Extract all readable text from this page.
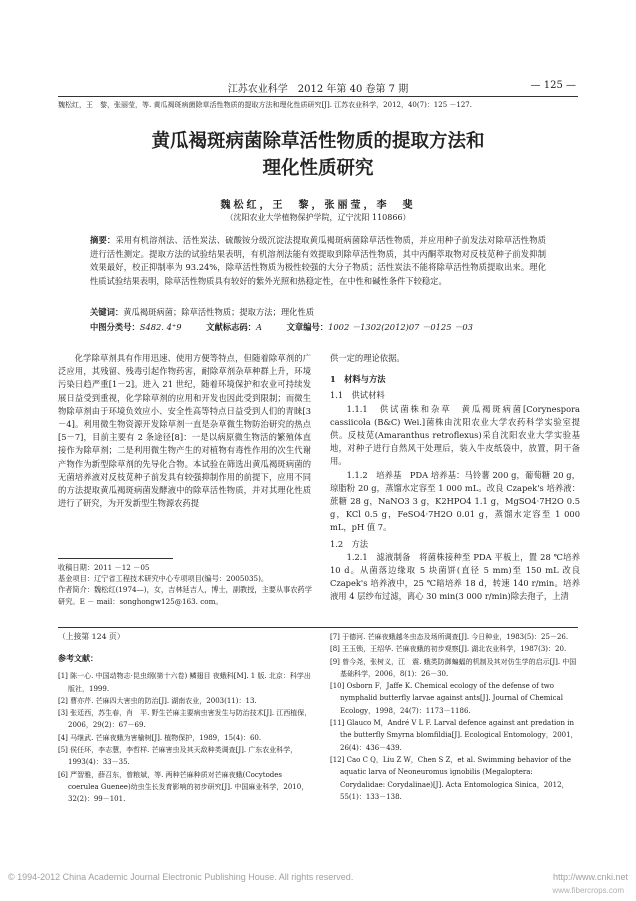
江苏农业科学　2012 年第 40 卷第 7 期	— 125 —
魏松红，王　黎，张丽莹，等. 黄瓜褐斑病菌除草活性物质的提取方法和理化性质研究[J]. 江苏农业科学，2012，40(7)：125 －127.
黄瓜褐斑病菌除草活性物质的提取方法和
理化性质研究
魏松红，王　黎，张丽莹，李　斐
（沈阳农业大学植物保护学院，辽宁沈阳 110866）
摘要：采用有机溶剂法、活性炭法、硫酸铵分级沉淀法提取黄瓜褐斑病菌除草活性物质，并应用种子前发法对除草活性物质进行活性测定。提取方法的试验结果表明，有机溶剂法能有效提取到除草活性物质，其中丙酮萃取物对反枝苋种子前发抑制效果最好，校正抑制率为 93.24%，除草活性物质为极性较强的大分子物质；活性炭法不能将除草活性物质提取出来。理化性质试验结果表明，除草活性物质具有较好的紫外光照和热稳定性，在中性和碱性条件下较稳定。
关键词：黄瓜褐斑病菌；除草活性物质；提取方法；理化性质
中图分类号：S482. 4⁺9	文献标志码：A	文章编号：1002 －1302(2012)07 －0125 －03

化学除草剂具有作用迅速、使用方便等特点，但随着除草剂的广泛应用，其残留、残毒引起作物药害，耐除草剂杂草种群上升，环境污染日趋严重[1－2]。进入 21 世纪，随着环境保护和农业可持续发展日益受到重视，化学除草剂的应用和开发也因此受到限制；而微生物除草剂由于环境负效应小、安全性高等特点日益受到人们的青睐[3－4]。利用微生物资源开发除草剂一直是杂草微生物防治研究的热点[5－7]，目前主要有 2 条途径[8]：一是以病原微生物活的繁殖体直接作为除草剂；二是利用微生物产生的对植物有毒性作用的次生代谢产物作为新型除草剂的先导化合物。本试验在筛选出黄瓜褐斑病菌的无菌培养液对反枝苋种子前发具有较强抑制作用的前提下，应用不同的方法提取黄瓜褐斑病菌发酵液中的除草活性物质，并对其理化性质进行了研究，为开发新型生物源农药提

供一定的理论依据。

1　材料与方法

1.1　供试材料

1.1.1　供试菌株和杂草　黄瓜褐斑病菌[Corynespora cassiicola (B&C) Wei.]菌株由沈阳农业大学农药科学实验室提供。反枝苋(Amaranthus retroflexus)采自沈阳农业大学实验基地，对种子进行自然风干处理后，装入牛皮纸袋中，放置，阴干备用。

1.1.2　培养基　PDA 培养基：马铃薯 200 g，葡萄糖 20 g，琼脂粉 20 g，蒸馏水定容至 1 000 mL。改良 Czapek's 培养液：蔗糖 28 g，NaNO3 3 g，K2HPO4 1.1 g，MgSO4·7H2O 0.5 g，KCl 0.5 g，FeSO4·7H2O 0.01 g，蒸馏水定容至 1 000 mL，pH 值 7。

1.2　方法

1.2.1　滤液制备　将菌株接种至 PDA 平板上，置 28 ℃培养 10 d。从菌落边缘取 5 块菌饼(直径 5 mm)至 150 mL 改良 Czapek's 培养液中，25 ℃暗培养 18 d，转速 140 r/min。培养液用 4 层纱布过滤，离心 30 min(3 000 r/min)除去孢子，上清

收稿日期：2011 －12 －05
基金项目：辽宁省工程技术研究中心专项项目(编号：2005035)。
作者简介：魏松红(1974—)，女，吉林延吉人，博士，副教授，主要从事农药学研究。E － mail：songhongw125@163. com。
（上接第 124 页）
参考文献：
[1] 陈一心. 中国动物志·昆虫纲(第十六卷) 鳞翅目 夜蛾科[M]. 1 版. 北京：科学出版社，1999.
[2] 曹亦芹. 芒麻四大害虫的防治[J]. 湖南农业，2003(11)：13.
[3] 张廷西，苏生春，肖　平. 野生芒麻主要病虫害发生与防治技术[J]. 江西植保，2006，29(2)：67－69.
[4] 马继武. 芒麻夜蛾为害榆树[J]. 植物保护，1989，15(4)：60.
[5] 侯任环，李志慧，李哲样. 芒麻害虫及其天敌种类调查[J]. 广东农业科学，1993(4)：33－35.
[6] 严智雅，薛召东，曾粮斌，等. 两种芒麻种质对芒麻夜蛾(Cocytodes coerulea Guenee)幼虫生长发育影响的初步研究[J]. 中国麻业科学，2010，32(2)：99－101.
[7] 于德河. 芒麻夜蛾越冬虫态及场所调查[J]. 今日种业，1983(5)：25－26.
[8] 王玉锁，王绍华. 芒麻夜蛾的初步观察[J]. 湖北农业科学，1987(3)：20.
[9] 曾今尧，张树义，江　震. 蛾类防御蝙蝠的机制及其对仿生学的启示[J]. 中国基础科学，2006，8(1)：26－30.
[10] Osborn F，Jaffe K. Chemical ecology of the defense of two nymphalid butterfly larvae against ants[J]. Journal of Chemical Ecology，1998，24(7)：1173－1186.
[11] Glauco M，André V L F. Larval defence against ant predation in the butterfly Smyrna blomfildia[J]. Ecological Entomology，2001，26(4)：436－439.
[12] Cao C Q，Liu Z W，Chen S Z，et al. Swimming behavior of the aquatic larva of Neoneuromus ignobilis (Megaloptera: Corydalidae: Corydalinae)[J]. Acta Entomologica Sinica，2012，55(1)：133－138.
© 1994-2012 China Academic Journal Electronic Publishing House. All rights reserved.	http://www.cnki.net
www.fibercrops.com
